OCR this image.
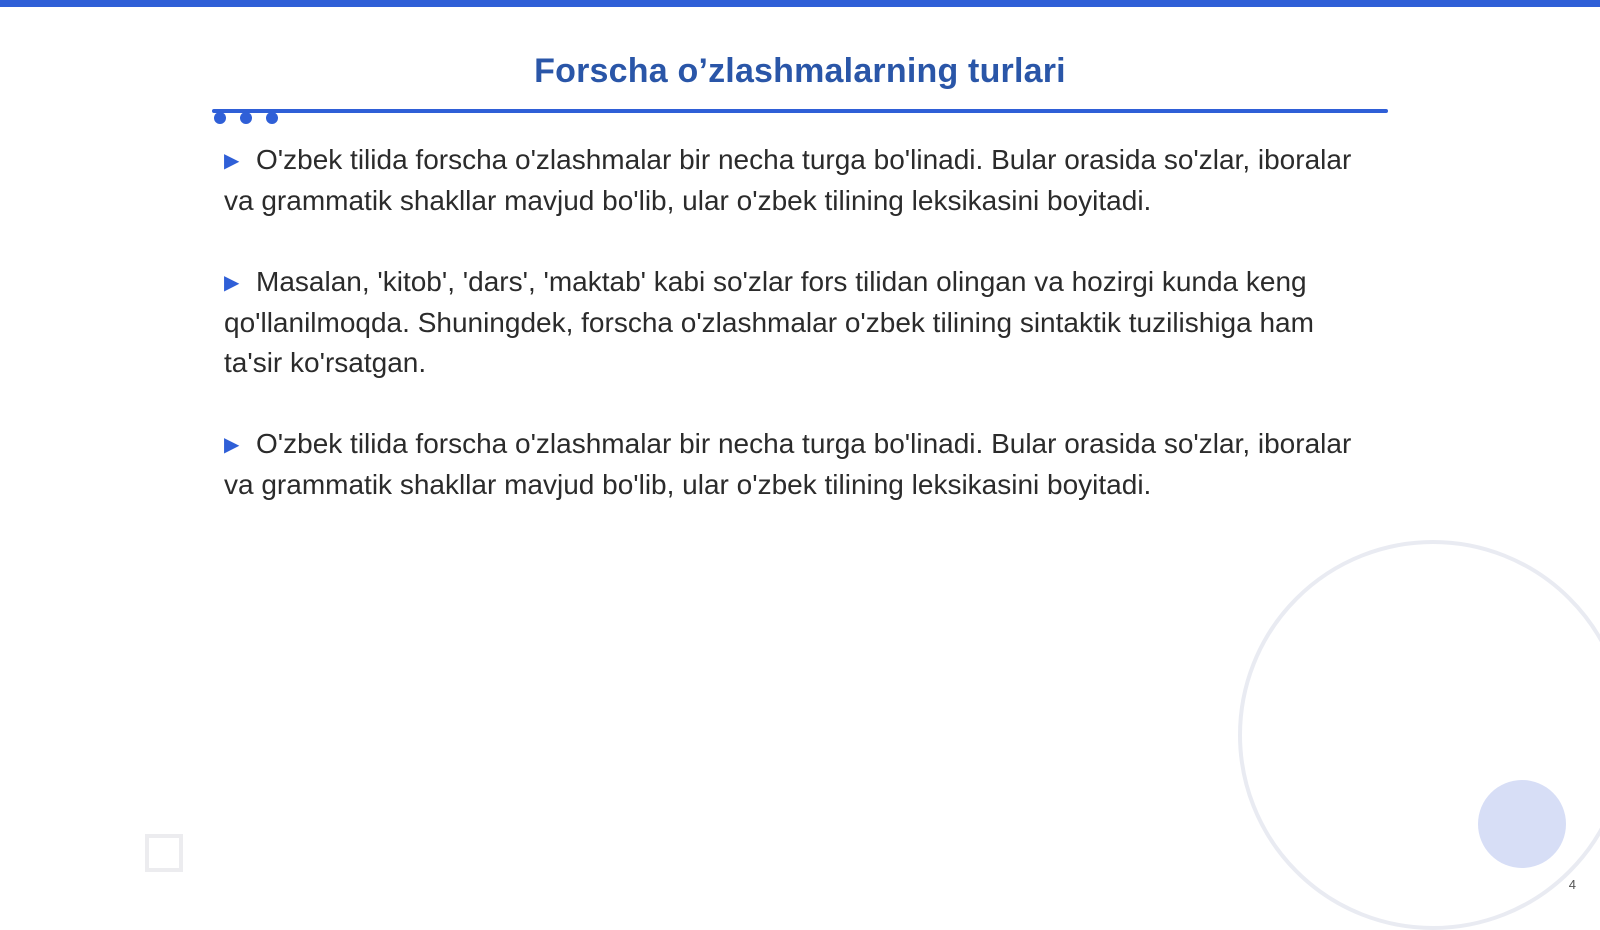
Forscha o’zlashmalarning turlari

▶ O'zbek tilida forscha o'zlashmalar bir necha turga bo'linadi. Bular orasida so'zlar, iboralar va grammatik shakllar mavjud bo'lib, ular o'zbek tilining leksikasini boyitadi.

▶ Masalan, 'kitob', 'dars', 'maktab' kabi so'zlar fors tilidan olingan va hozirgi kunda keng qo'llanilmoqda. Shuningdek, forscha o'zlashmalar o'zbek tilining sintaktik tuzilishiga ham ta'sir ko'rsatgan.

▶ O'zbek tilida forscha o'zlashmalar bir necha turga bo'linadi. Bular orasida so'zlar, iboralar va grammatik shakllar mavjud bo'lib, ular o'zbek tilining leksikasini boyitadi.

4
